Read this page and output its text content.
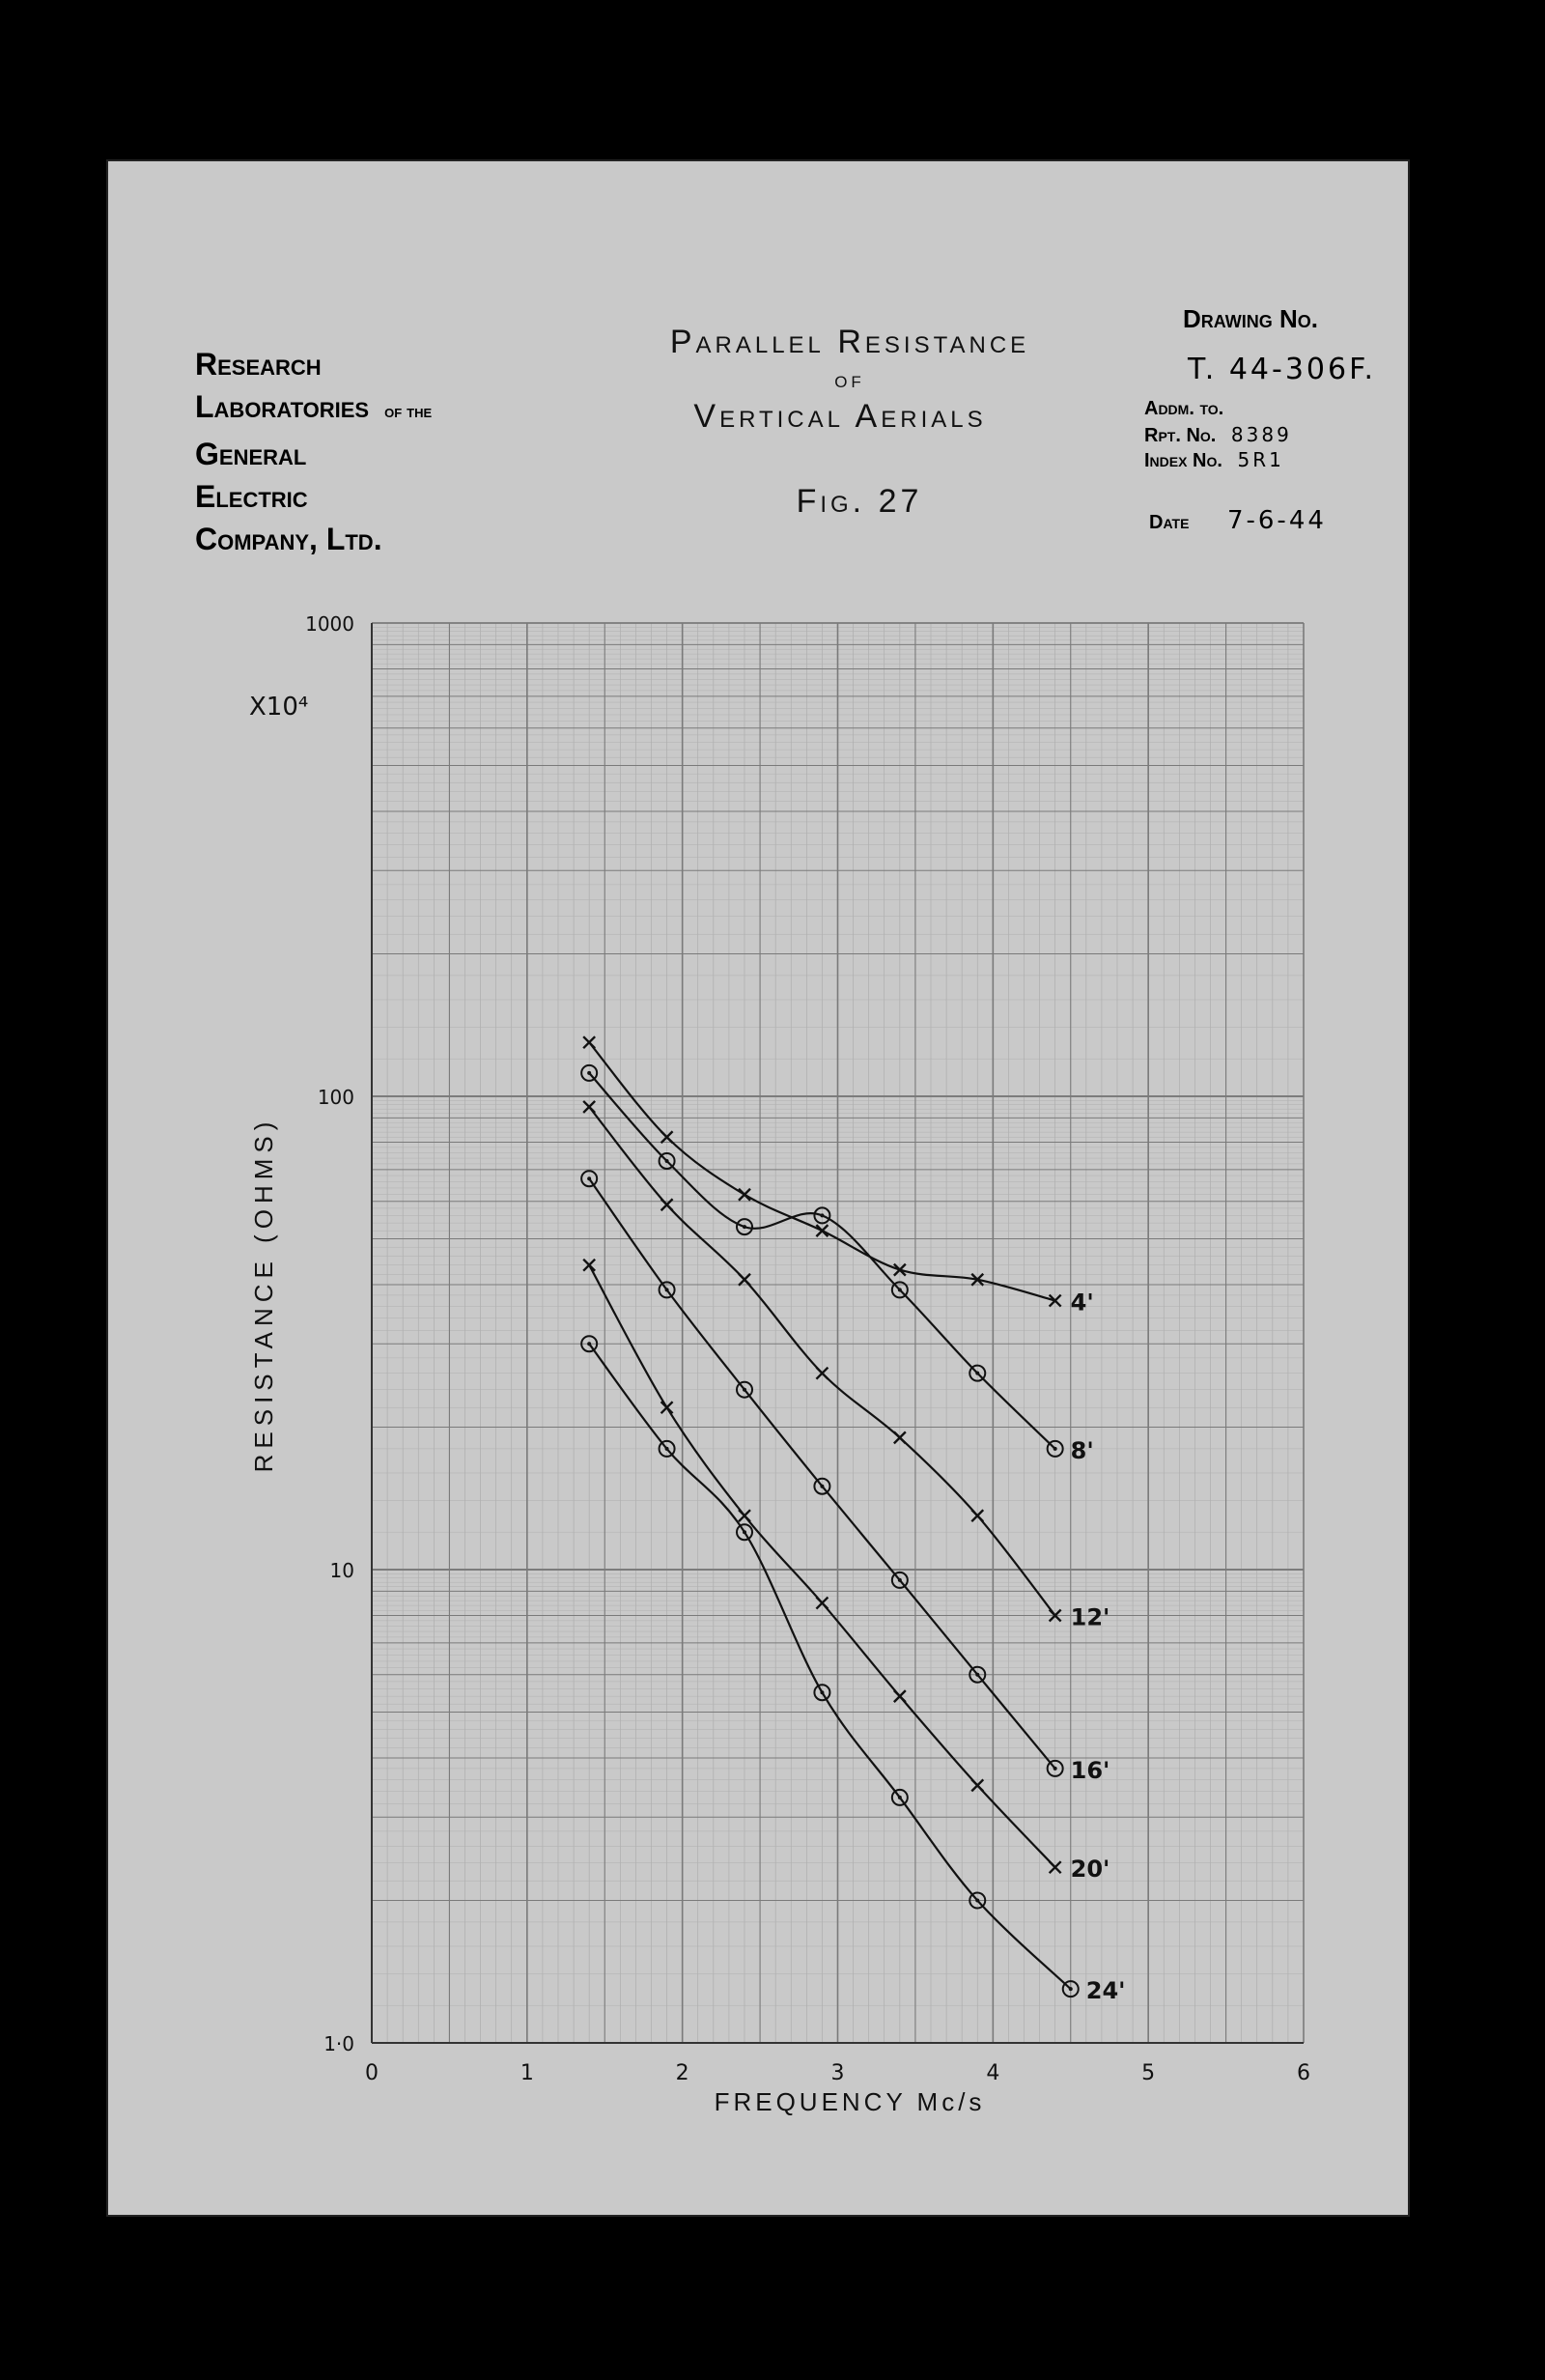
Research
Laboratories of the
General
Electric
Company, Ltd.
Parallel Resistance
of
Vertical Aerials
Fig. 27
Drawing No.
T. 44-306F.
Addm. to.
Rpt. No. 8389
Index No. 5R1
Date 7-6-44
0	1	2	3	4	5	6
1·0
10
100
1000
4'
8'
12'
16'
20'
24'
RESISTANCE (OHMS)
FREQUENCY Mc/s
X10⁴
